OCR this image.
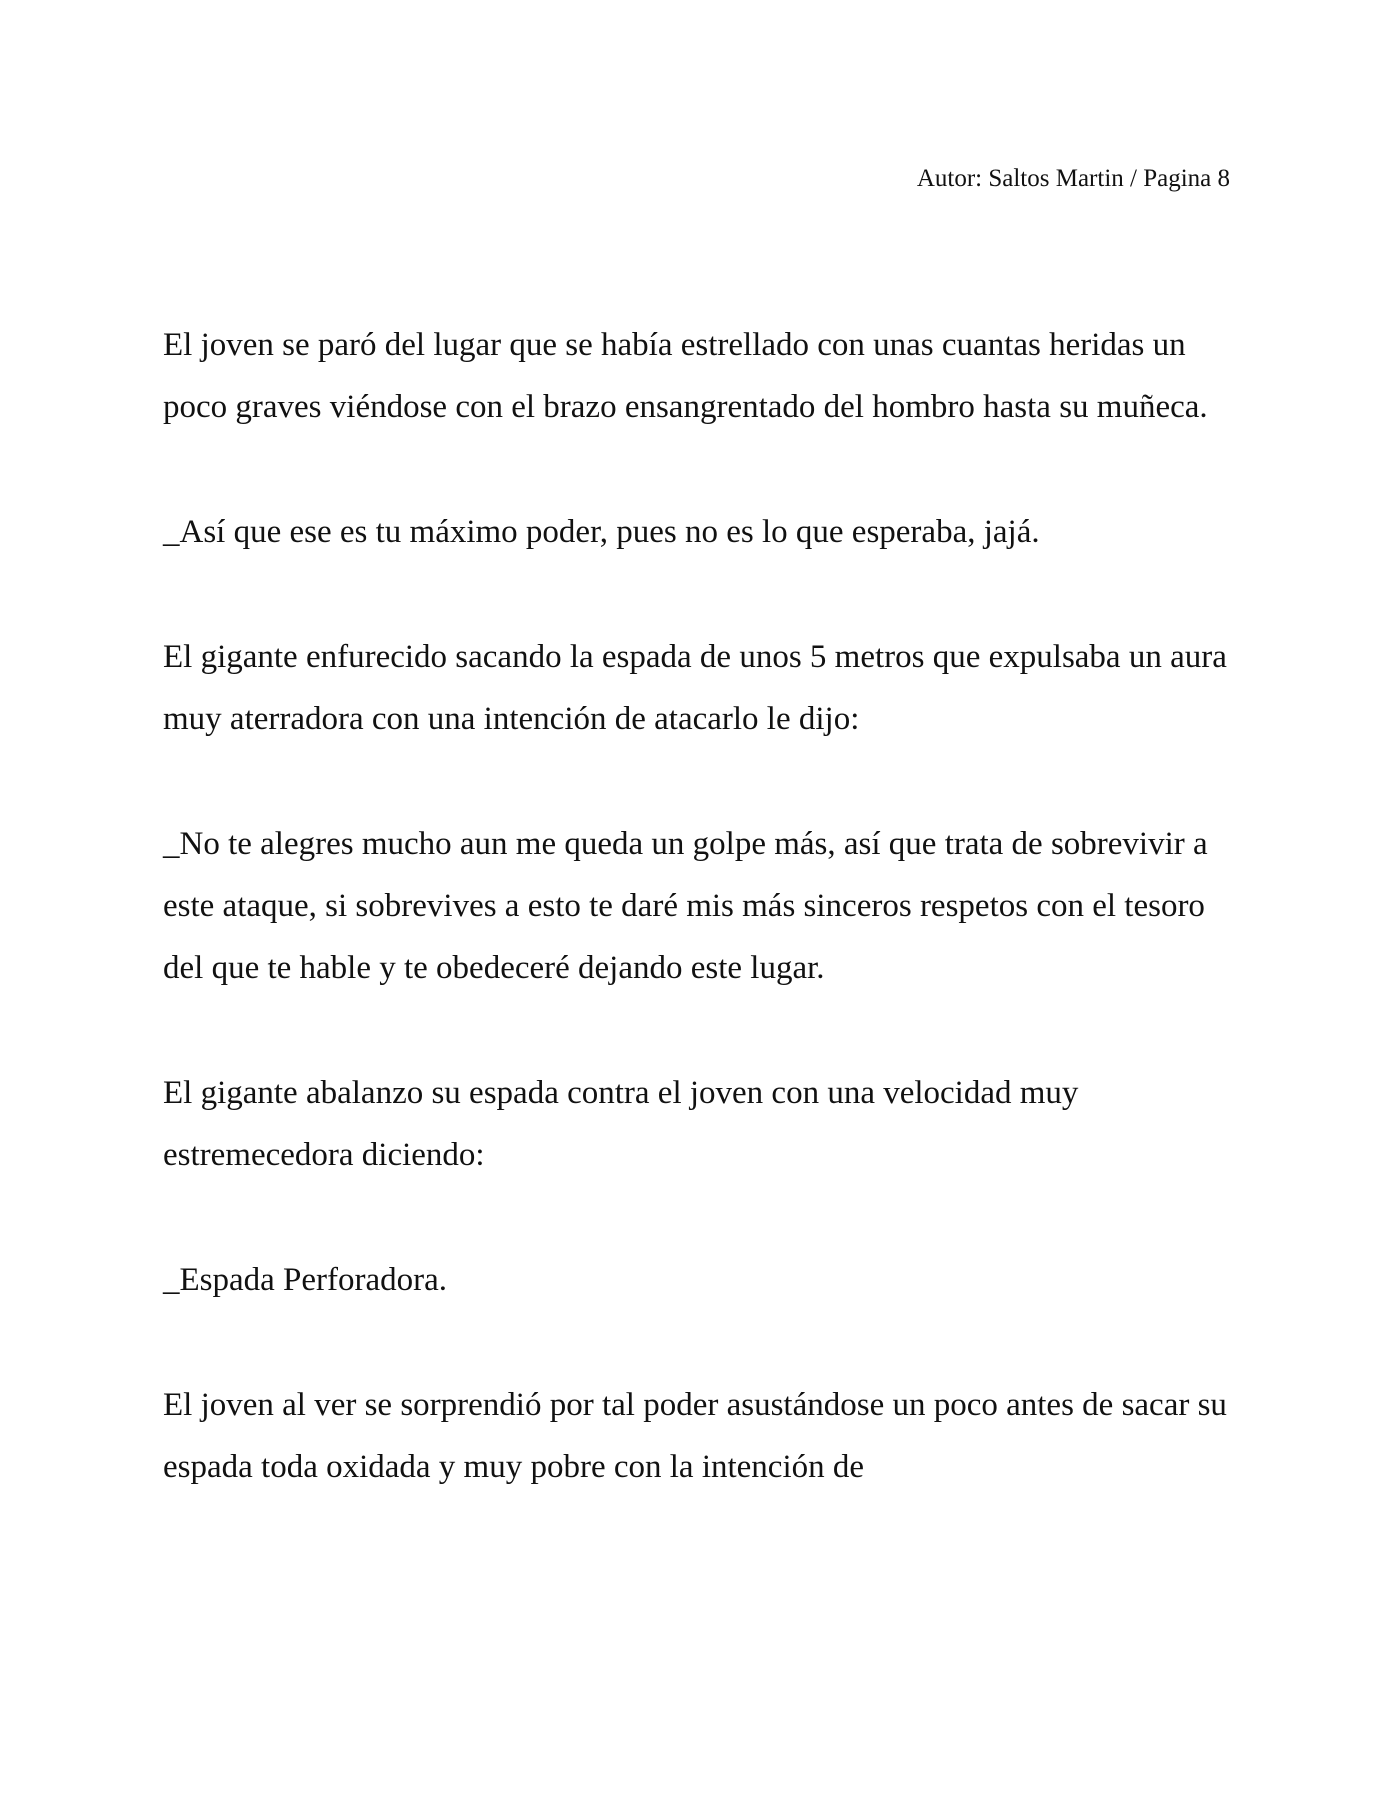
Autor: Saltos Martin / Pagina 8

El joven se paró del lugar que se había estrellado con unas cuantas heridas un poco graves viéndose con el brazo ensangrentado del hombro hasta su muñeca.

_Así que ese es tu máximo poder, pues no es lo que esperaba, jajá.

El gigante enfurecido sacando la espada de unos 5 metros que expulsaba un aura muy aterradora con una intención de atacarlo le dijo:

_No te alegres mucho aun me queda un golpe más, así que trata de sobrevivir a este ataque, si sobrevives a esto te daré mis más sinceros respetos con el tesoro del que te hable y te obedeceré dejando este lugar.

El gigante abalanzo su espada contra el joven con una velocidad muy estremecedora diciendo:

_Espada Perforadora.

El joven al ver se sorprendió por tal poder asustándose un poco antes de sacar su espada toda oxidada y muy pobre con la intención de
